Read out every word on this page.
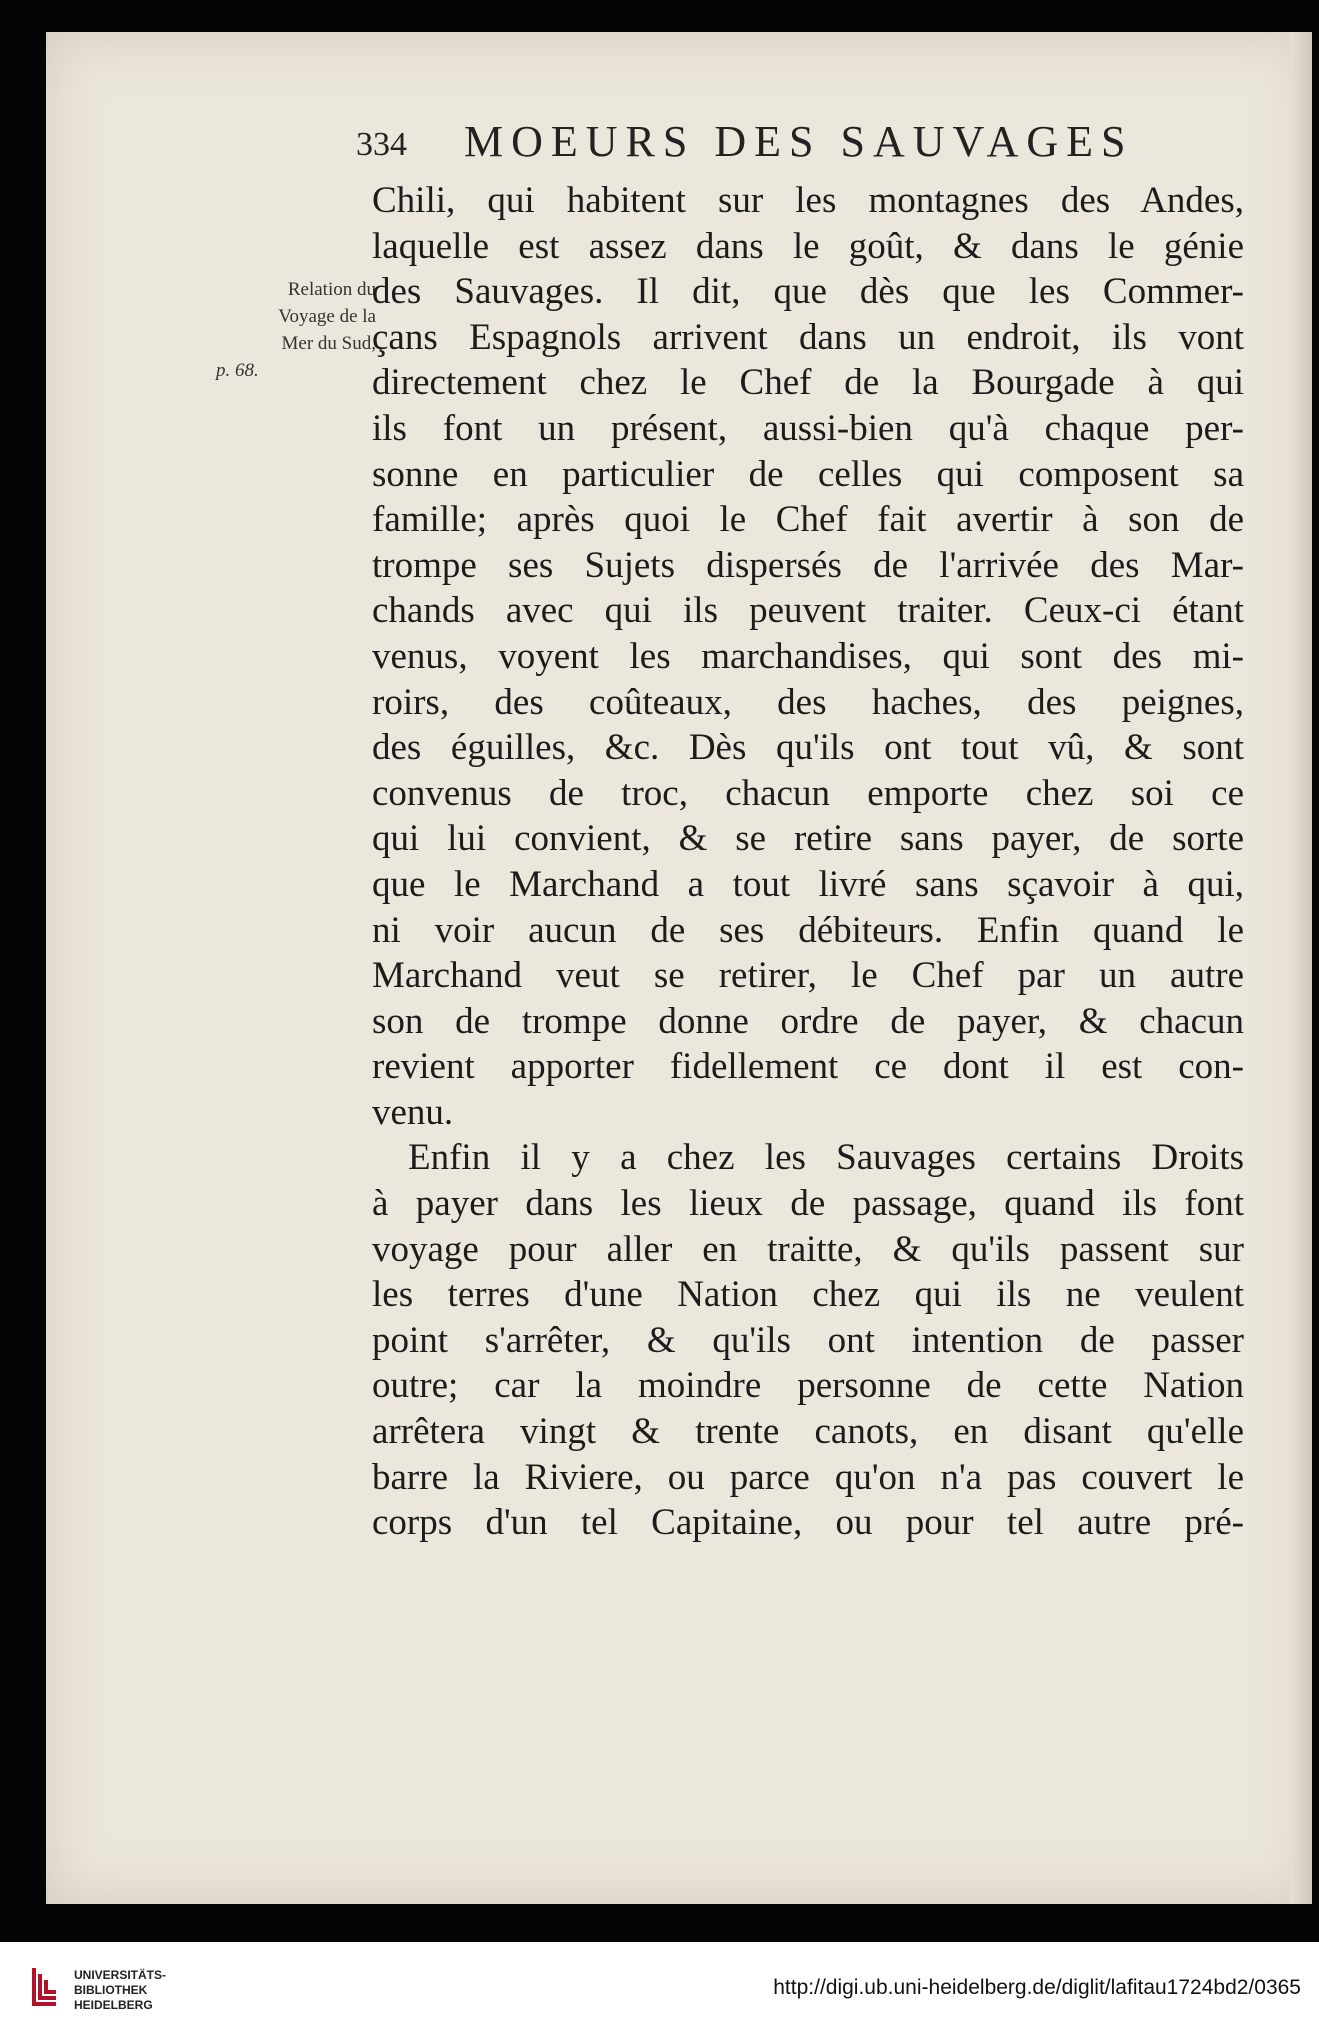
334 MOEURS DES SAUVAGES
Relation du
Voyage de la
Mer du Sud,
p. 68.
Chili, qui habitent sur les montagnes des Andes,
laquelle est assez dans le goût, & dans le génie
des Sauvages. Il dit, que dès que les Commer-
çans Espagnols arrivent dans un endroit, ils vont
directement chez le Chef de la Bourgade à qui
ils font un présent, aussi-bien qu'à chaque per-
sonne en particulier de celles qui composent sa
famille; après quoi le Chef fait avertir à son de
trompe ses Sujets dispersés de l'arrivée des Mar-
chands avec qui ils peuvent traiter. Ceux-ci étant
venus, voyent les marchandises, qui sont des mi-
roirs, des coûteaux, des haches, des peignes,
des éguilles, &c. Dès qu'ils ont tout vû, & sont
convenus de troc, chacun emporte chez soi ce
qui lui convient, & se retire sans payer, de sorte
que le Marchand a tout livré sans sçavoir à qui,
ni voir aucun de ses débiteurs. Enfin quand le
Marchand veut se retirer, le Chef par un autre
son de trompe donne ordre de payer, & chacun
revient apporter fidellement ce dont il est con-
venu.
Enfin il y a chez les Sauvages certains Droits
à payer dans les lieux de passage, quand ils font
voyage pour aller en traitte, & qu'ils passent sur
les terres d'une Nation chez qui ils ne veulent
point s'arrêter, & qu'ils ont intention de passer
outre; car la moindre personne de cette Nation
arrêtera vingt & trente canots, en disant qu'elle
barre la Riviere, ou parce qu'on n'a pas couvert le
corps d'un tel Capitaine, ou pour tel autre pré-
UNIVERSITÄTS-
BIBLIOTHEK
HEIDELBERG
http://digi.ub.uni-heidelberg.de/diglit/lafitau1724bd2/0365
